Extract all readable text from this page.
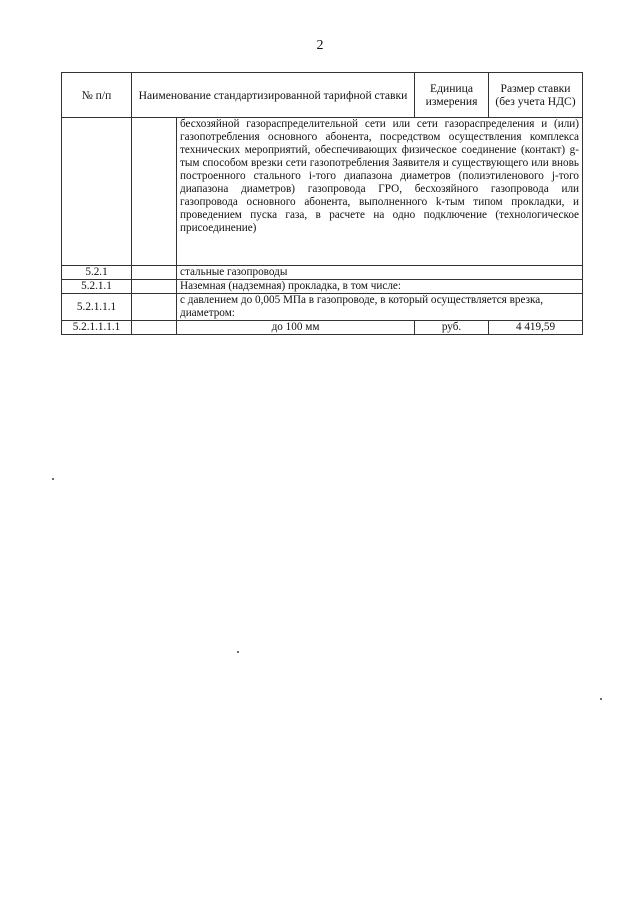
2
№ п/п	Наименование стандартизированной тарифной ставки		Единица измерения	Размер ставки (без учета НДС)
		бесхозяйной газораспределительной сети или сети газораспределения и (или) газопотребления основного абонента, посредством осуществления комплекса технических мероприятий, обеспечивающих физическое соединение (контакт) g-тым способом врезки сети газопотребления Заявителя и существующего или вновь построенного стального i-того диапазона диаметров (полиэтиленового j-того диапазона диаметров) газопровода ГРО, бесхозяйного газопровода или газопровода основного абонента, выполненного k-тым типом прокладки, и проведением пуска газа, в расчете на одно подключение (технологическое присоединение)		
5.2.1		стальные газопроводы		
5.2.1.1		Наземная (надземная) прокладка, в том числе:		
5.2.1.1.1		с давлением до 0,005 МПа в газопроводе, в который осуществляется врезка, диаметром:		
5.2.1.1.1.1		до 100 мм	руб.	4 419,59
